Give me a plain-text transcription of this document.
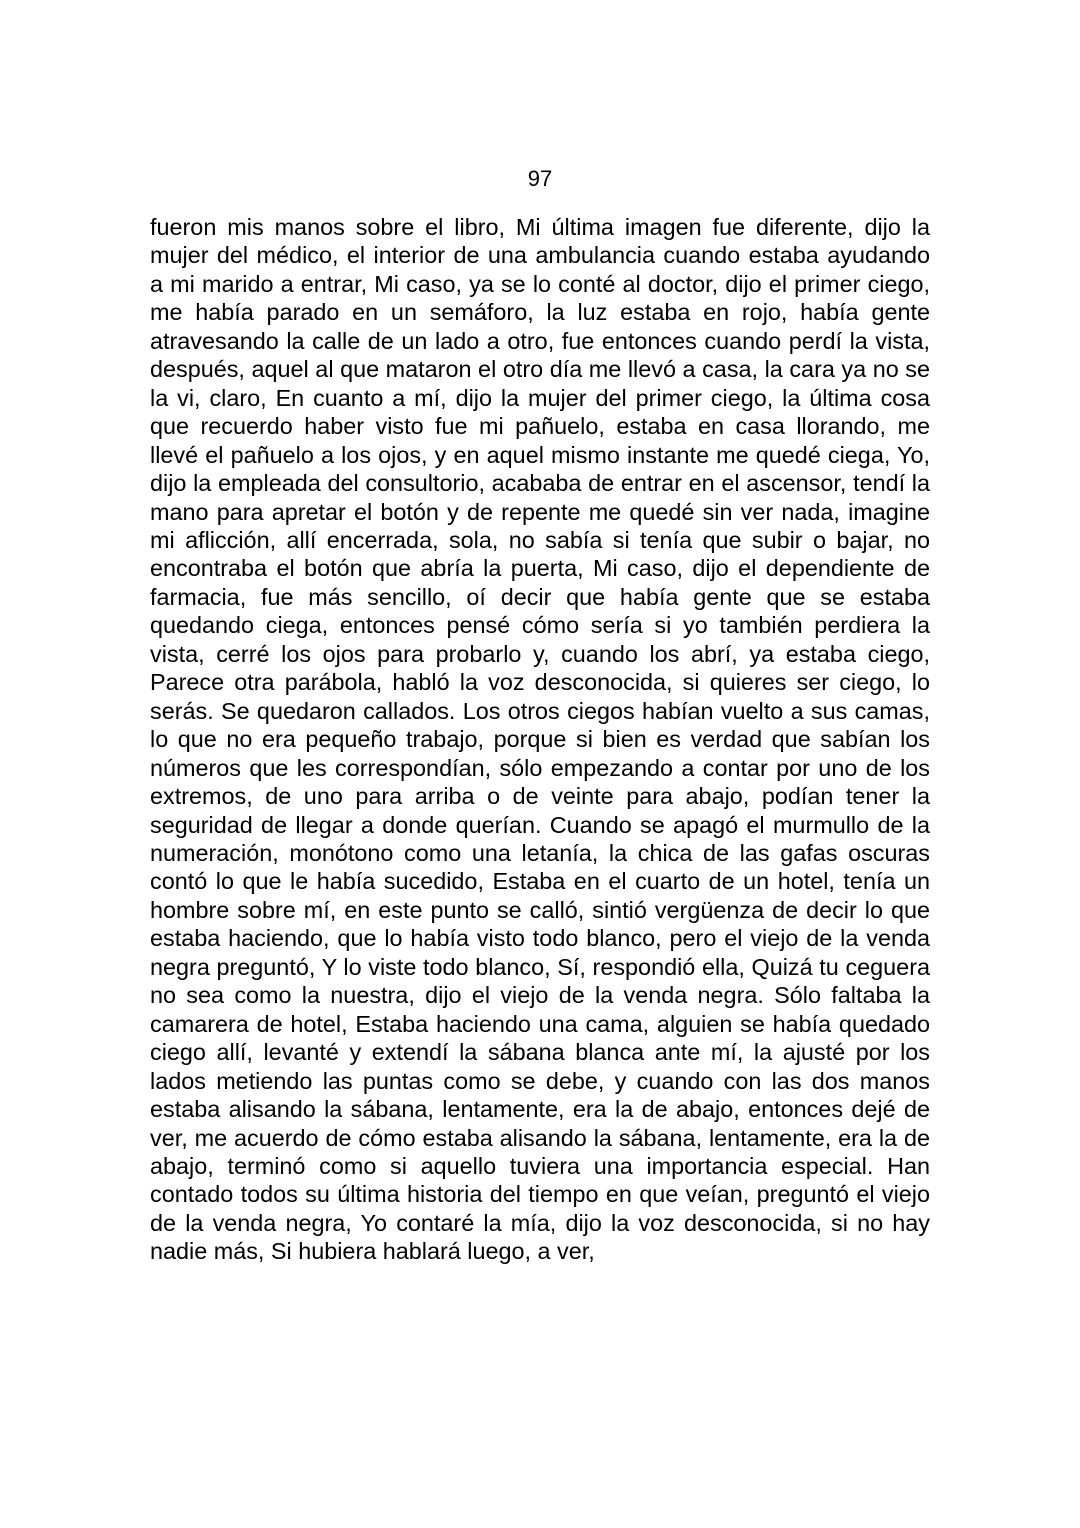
97

fueron mis manos sobre el libro, Mi última imagen fue diferente, dijo la mujer del médico, el interior de una ambulancia cuando estaba ayudando a mi marido a entrar, Mi caso, ya se lo conté al doctor, dijo el primer ciego, me había parado en un semáforo, la luz estaba en rojo, había gente atravesando la calle de un lado a otro, fue entonces cuando perdí la vista, después, aquel al que mataron el otro día me llevó a casa, la cara ya no se la vi, claro, En cuanto a mí, dijo la mujer del primer ciego, la última cosa que recuerdo haber visto fue mi pañuelo, estaba en casa llorando, me llevé el pañuelo a los ojos, y en aquel mismo instante me quedé ciega, Yo, dijo la empleada del consultorio, acababa de entrar en el ascensor, tendí la mano para apretar el botón y de repente me quedé sin ver nada, imagine mi aflicción, allí encerrada, sola, no sabía si tenía que subir o bajar, no encontraba el botón que abría la puerta, Mi caso, dijo el dependiente de farmacia, fue más sencillo, oí decir que había gente que se estaba quedando ciega, entonces pensé cómo sería si yo también perdiera la vista, cerré los ojos para probarlo y, cuando los abrí, ya estaba ciego, Parece otra parábola, habló la voz desconocida, si quieres ser ciego, lo serás. Se quedaron callados. Los otros ciegos habían vuelto a sus camas, lo que no era pequeño trabajo, porque si bien es verdad que sabían los números que les correspondían, sólo empezando a contar por uno de los extremos, de uno para arriba o de veinte para abajo, podían tener la seguridad de llegar a donde querían. Cuando se apagó el murmullo de la numeración, monótono como una letanía, la chica de las gafas oscuras contó lo que le había sucedido, Estaba en el cuarto de un hotel, tenía un hombre sobre mí, en este punto se calló, sintió vergüenza de decir lo que estaba haciendo, que lo había visto todo blanco, pero el viejo de la venda negra preguntó, Y lo viste todo blanco, Sí, respondió ella, Quizá tu ceguera no sea como la nuestra, dijo el viejo de la venda negra. Sólo faltaba la camarera de hotel, Estaba haciendo una cama, alguien se había quedado ciego allí, levanté y extendí la sábana blanca ante mí, la ajusté por los lados metiendo las puntas como se debe, y cuando con las dos manos estaba alisando la sábana, lentamente, era la de abajo, entonces dejé de ver, me acuerdo de cómo estaba alisando la sábana, lentamente, era la de abajo, terminó como si aquello tuviera una importancia especial. Han contado todos su última historia del tiempo en que veían, preguntó el viejo de la venda negra, Yo contaré la mía, dijo la voz desconocida, si no hay nadie más, Si hubiera hablará luego, a ver,
